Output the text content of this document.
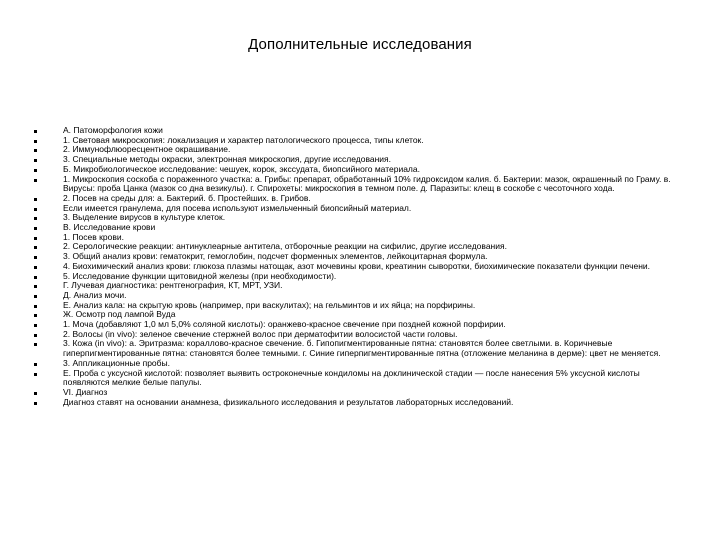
Дополнительные исследования
А. Патоморфология кожи
1. Световая микроскопия: локализация и характер патологического процесса, типы клеток.
2. Иммунофлюоресцентное окрашивание.
3. Специальные методы окраски, электронная микроскопия, другие исследования.
Б. Микробиологическое исследование: чешуек, корок, экссудата, биопсийного материала.
1. Микроскопия соскоба с пораженного участка: а. Грибы: препарат, обработанный 10% гидроксидом калия. б. Бактерии: мазок, окрашенный по Граму. в. Вирусы: проба Цанка (мазок со дна везикулы). г. Спирохеты: микроскопия в темном поле. д. Паразиты: клещ в соскобе с чесоточного хода.
2. Посев на среды для: а. Бактерий. б. Простейших. в. Грибов.
Если имеется гранулема, для посева используют измельченный биопсийный материал.
3. Выделение вирусов в культуре клеток.
В. Исследование крови
1. Посев крови.
2. Серологические реакции: антинуклеарные антитела, отборочные реакции на сифилис, другие исследования.
3. Общий анализ крови: гематокрит, гемоглобин, подсчет форменных элементов, лейкоцитарная формула.
4. Биохимический анализ крови: глюкоза плазмы натощак, азот мочевины крови, креатинин сыворотки, биохимические показатели функции печени.
5. Исследование функции щитовидной железы (при необходимости).
Г. Лучевая диагностика: рентгенография, КТ, МРТ, УЗИ.
Д. Анализ мочи.
Е. Анализ кала: на скрытую кровь (например, при васкулитах); на гельминтов и их яйца; на порфирины.
Ж. Осмотр под лампой Вуда
1. Моча (добавляют 1,0 мл 5,0% соляной кислоты): оранжево-красное свечение при поздней кожной порфирии.
2. Волосы (in vivo): зеленое свечение стержней волос при дерматофитии волосистой части головы.
3. Кожа (in vivo): а. Эритразма: кораллово-красное свечение. б. Гипопигментированные пятна: становятся более светлыми. в. Коричневые гиперпигментированные пятна: становятся более темными. г. Синие гиперпигментированные пятна (отложение меланина в дерме): цвет не меняется.
3. Аппликационные пробы.
Е. Проба с уксусной кислотой: позволяет выявить остроконечные кондиломы на доклинической стадии — после нанесения 5% уксусной кислоты появляются мелкие белые папулы.
VI. Диагноз
Диагноз ставят на основании анамнеза, физикального исследования и результатов лабораторных исследований.
